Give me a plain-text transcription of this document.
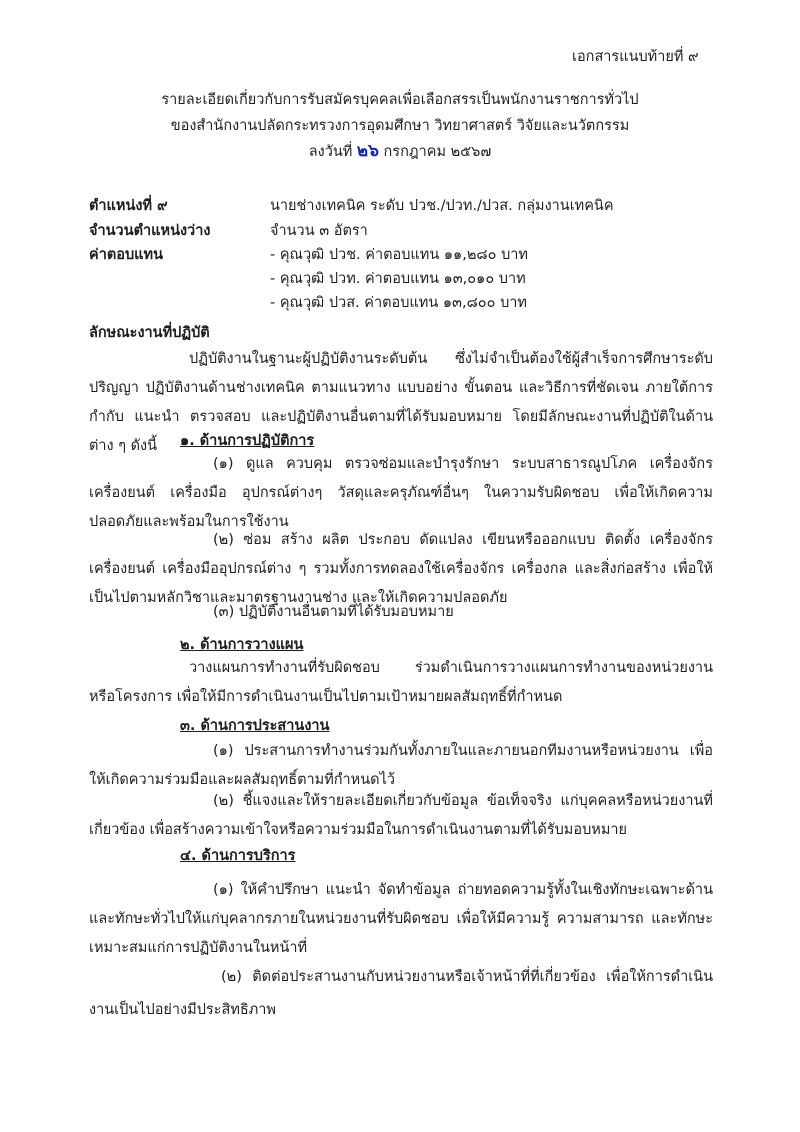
เอกสารแนบท้ายที่ ๙
รายละเอียดเกี่ยวกับการรับสมัครบุคคลเพื่อเลือกสรรเป็นพนักงานราชการทั่วไป
ของสำนักงานปลัดกระทรวงการอุดมศึกษา วิทยาศาสตร์ วิจัยและนวัตกรรม
ลงวันที่ ๒๖ กรกฎาคม ๒๕๖๗
ตำแหน่งที่ ๙	นายช่างเทคนิค ระดับ ปวช./ปวท./ปวส. กลุ่มงานเทคนิค
จำนวนตำแหน่งว่าง	จำนวน ๓ อัตรา
ค่าตอบแทน	- คุณวุฒิ ปวช. ค่าตอบแทน ๑๑,๒๘๐ บาท
- คุณวุฒิ ปวท. ค่าตอบแทน ๑๓,๐๑๐ บาท
- คุณวุฒิ ปวส. ค่าตอบแทน ๑๓,๘๐๐ บาท
ลักษณะงานที่ปฏิบัติ
ปฏิบัติงานในฐานะผู้ปฏิบัติงานระดับต้น ซึ่งไม่จำเป็นต้องใช้ผู้สำเร็จการศึกษาระดับปริญญา ปฏิบัติงานด้านช่างเทคนิค ตามแนวทาง แบบอย่าง ขั้นตอน และวิธีการที่ชัดเจน ภายใต้การกำกับ แนะนำ ตรวจสอบ และปฏิบัติงานอื่นตามที่ได้รับมอบหมาย โดยมีลักษณะงานที่ปฏิบัติในด้านต่าง ๆ ดังนี้	๑. ด้านการปฏิบัติการ
(๑) ดูแล ควบคุม ตรวจซ่อมและบำรุงรักษา ระบบสาธารณูปโภค เครื่องจักร เครื่องยนต์ เครื่องมือ อุปกรณ์ต่างๆ วัสดุและครุภัณฑ์อื่นๆ ในความรับผิดชอบ เพื่อให้เกิดความปลอดภัยและพร้อมในการใช้งาน
(๒) ซ่อม สร้าง ผลิต ประกอบ ดัดแปลง เขียนหรือออกแบบ ติดตั้ง เครื่องจักร เครื่องยนต์ เครื่องมืออุปกรณ์ต่าง ๆ รวมทั้งการทดลองใช้เครื่องจักร เครื่องกล และสิ่งก่อสร้าง เพื่อให้เป็นไปตามหลักวิชาและมาตรฐานงานช่าง และให้เกิดความปลอดภัย
(๓) ปฏิบัติงานอื่นตามที่ได้รับมอบหมาย
๒. ด้านการวางแผน
วางแผนการทำงานที่รับผิดชอบ ร่วมดำเนินการวางแผนการทำงานของหน่วยงาน หรือโครงการ เพื่อให้มีการดำเนินงานเป็นไปตามเป้าหมายผลสัมฤทธิ์ที่กำหนด
๓. ด้านการประสานงาน
(๑) ประสานการทำงานร่วมกันทั้งภายในและภายนอกทีมงานหรือหน่วยงาน เพื่อให้เกิดความร่วมมือและผลสัมฤทธิ์ตามที่กำหนดไว้
(๒) ชี้แจงและให้รายละเอียดเกี่ยวกับข้อมูล ข้อเท็จจริง แก่บุคคลหรือหน่วยงานที่เกี่ยวข้อง เพื่อสร้างความเข้าใจหรือความร่วมมือในการดำเนินงานตามที่ได้รับมอบหมาย
๔. ด้านการบริการ
(๑) ให้คำปรึกษา แนะนำ จัดทำข้อมูล ถ่ายทอดความรู้ทั้งในเชิงทักษะเฉพาะด้านและทักษะทั่วไปให้แก่บุคลากรภายในหน่วยงานที่รับผิดชอบ เพื่อให้มีความรู้ ความสามารถ และทักษะเหมาะสมแก่การปฏิบัติงานในหน้าที่
(๒) ติดต่อประสานงานกับหน่วยงานหรือเจ้าหน้าที่ที่เกี่ยวข้อง เพื่อให้การดำเนินงานเป็นไปอย่างมีประสิทธิภาพ
